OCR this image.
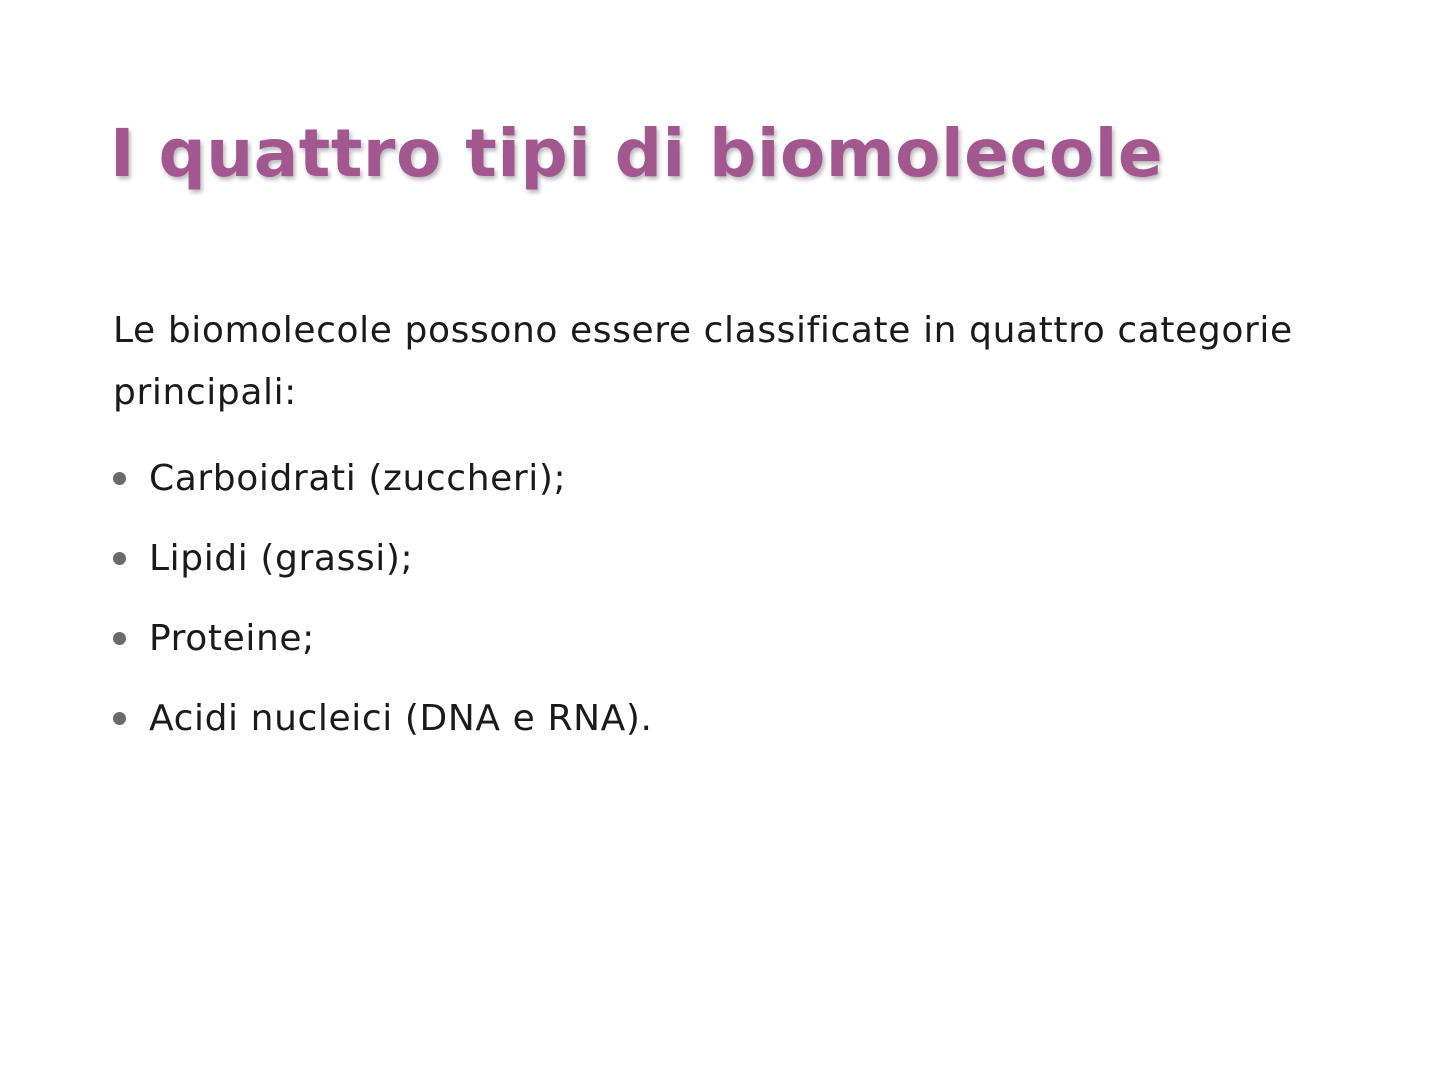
I quattro tipi di biomolecole

Le biomolecole possono essere classificate in quattro categorie principali:

Carboidrati (zuccheri);
Lipidi (grassi);
Proteine;
Acidi nucleici (DNA e RNA).
